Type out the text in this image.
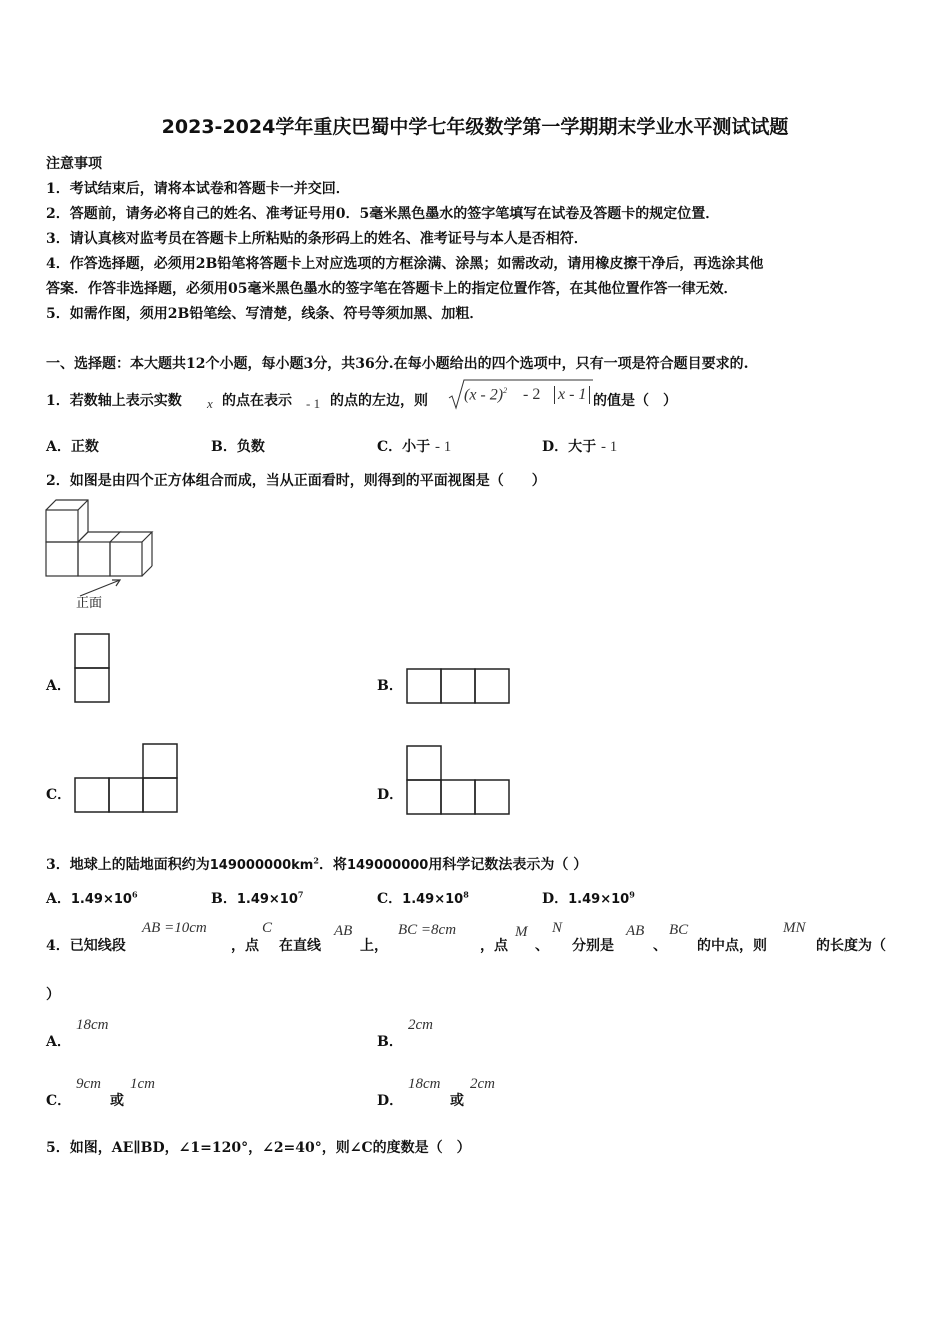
2023-2024学年重庆巴蜀中学七年级数学第一学期期末学业水平测试试题
注意事项
1．考试结束后，请将本试卷和答题卡一并交回．
2．答题前，请务必将自己的姓名、准考证号用0．5毫米黑色墨水的签字笔填写在试卷及答题卡的规定位置．
3．请认真核对监考员在答题卡上所粘贴的条形码上的姓名、准考证号与本人是否相符．
4．作答选择题，必须用2B铅笔将答题卡上对应选项的方框涂满、涂黑；如需改动，请用橡皮擦干净后，再选涂其他
答案．作答非选择题，必须用05毫米黑色墨水的签字笔在答题卡上的指定位置作答，在其他位置作答一律无效．
5．如需作图，须用2B铅笔绘、写清楚，线条、符号等须加黑、加粗．
一、选择题：本大题共12个小题，每小题3分，共36分.在每小题给出的四个选项中，只有一项是符合题目要求的.
1．若数轴上表示实数 x 的点在表示 - 1 的点的左边，则 (x - 2)$^2$ - 2 x - 1 的值是（　）
A．正数	B．负数	C．小于 - 1	D．大于 - 1
2．如图是由四个正方体组合而成，当从正面看时，则得到的平面视图是（　　）
正面
A．	B．
C．	D．
3．地球上的陆地面积约为$149000000km^2$．将149000000用科学记数法表示为（ ）
A．$1.49\times 10^6$	B．$1.49\times 10^7$	C．$1.49\times 10^8$	D．$1.49\times 10^9$
4．已知线段
AB =10cm
，点
C
在直线
AB
上，
BC =8cm
，点
M
、
N
分别是
AB
、
BC
的中点，则
MN
的长度为（
）
A．
18cm
B．
2cm
C．
9cm
或
1cm
D．
18cm
或
2cm
5．如图，AE∥BD，∠1=120°，∠2=40°，则∠C的度数是（　）
